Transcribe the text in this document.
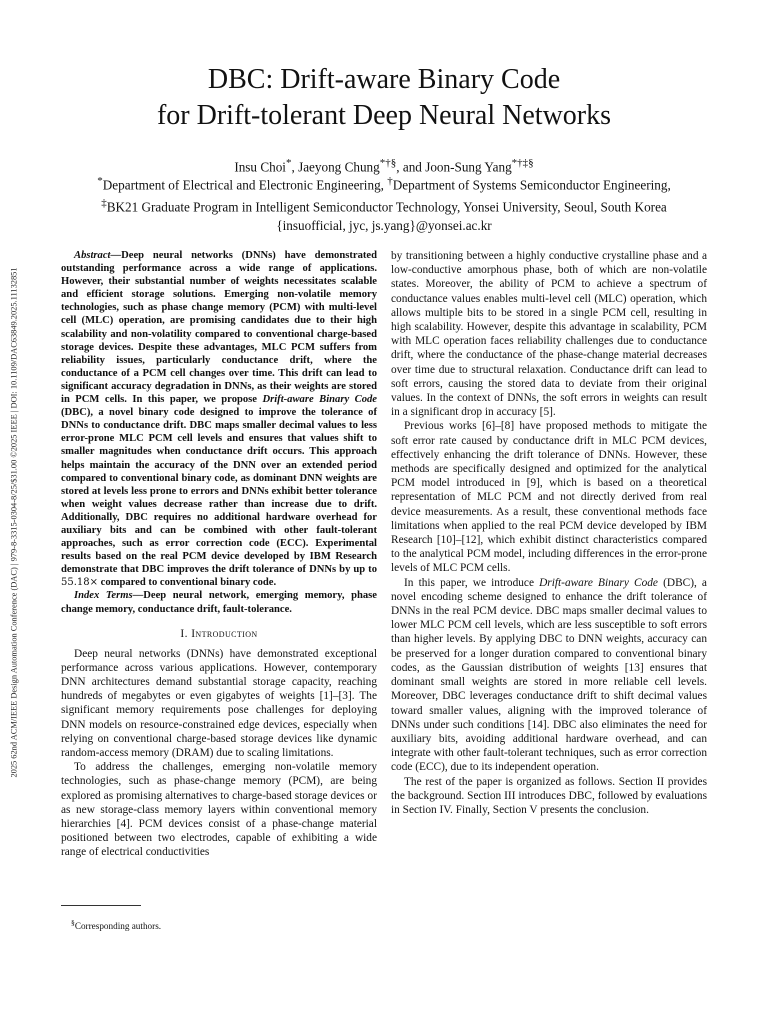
2025 62nd ACM/IEEE Design Automation Conference (DAC) | 979-8-3315-0304-8/25/$31.00 ©2025 IEEE | DOI: 10.1109/DAC63849.2025.11132851
DBC: Drift-aware Binary Code
for Drift-tolerant Deep Neural Networks
Insu Choi*, Jaeyong Chung*†§, and Joon-Sung Yang*†‡§
*Department of Electrical and Electronic Engineering, †Department of Systems Semiconductor Engineering,
‡BK21 Graduate Program in Intelligent Semiconductor Technology, Yonsei University, Seoul, South Korea
{insuofficial, jyc, js.yang}@yonsei.ac.kr

Abstract—Deep neural networks (DNNs) have demonstrated outstanding performance across a wide range of applications. However, their substantial number of weights necessitates scalable and efficient storage solutions. Emerging non-volatile memory technologies, such as phase change memory (PCM) with multi-level cell (MLC) operation, are promising candidates due to their high scalability and non-volatility compared to conventional charge-based storage devices. Despite these advantages, MLC PCM suffers from reliability issues, particularly conductance drift, where the conductance of a PCM cell changes over time. This drift can lead to significant accuracy degradation in DNNs, as their weights are stored in PCM cells. In this paper, we propose Drift-aware Binary Code (DBC), a novel binary code designed to improve the tolerance of DNNs to conductance drift. DBC maps smaller decimal values to less error-prone MLC PCM cell levels and ensures that values shift to smaller magnitudes when conductance drift occurs. This approach helps maintain the accuracy of the DNN over an extended period compared to conventional binary code, as dominant DNN weights are stored at levels less prone to errors and DNNs exhibit better tolerance when weight values decrease rather than increase due to drift. Additionally, DBC requires no additional hardware overhead for auxiliary bits and can be combined with other fault-tolerant approaches, such as error correction code (ECC). Experimental results based on the real PCM device developed by IBM Research demonstrate that DBC improves the drift tolerance of DNNs by up to 55.18× compared to conventional binary code.

Index Terms—Deep neural network, emerging memory, phase change memory, conductance drift, fault-tolerance.

I. Introduction

Deep neural networks (DNNs) have demonstrated exceptional performance across various applications. However, contemporary DNN architectures demand substantial storage capacity, reaching hundreds of megabytes or even gigabytes of weights [1]–[3]. The significant memory requirements pose challenges for deploying DNN models on resource-constrained edge devices, especially when relying on conventional charge-based storage devices like dynamic random-access memory (DRAM) due to scaling limitations.

To address the challenges, emerging non-volatile memory technologies, such as phase-change memory (PCM), are being explored as promising alternatives to charge-based storage devices or as new storage-class memory layers within conventional memory hierarchies [4]. PCM devices consist of a phase-change material positioned between two electrodes, capable of exhibiting a wide range of electrical conductivities

by transitioning between a highly conductive crystalline phase and a low-conductive amorphous phase, both of which are non-volatile states. Moreover, the ability of PCM to achieve a spectrum of conductance values enables multi-level cell (MLC) operation, which allows multiple bits to be stored in a single PCM cell, resulting in high scalability. However, despite this advantage in scalability, PCM with MLC operation faces reliability challenges due to conductance drift, where the conductance of the phase-change material decreases over time due to structural relaxation. Conductance drift can lead to soft errors, causing the stored data to deviate from their original values. In the context of DNNs, the soft errors in weights can result in a significant drop in accuracy [5].

Previous works [6]–[8] have proposed methods to mitigate the soft error rate caused by conductance drift in MLC PCM devices, effectively enhancing the drift tolerance of DNNs. However, these methods are specifically designed and optimized for the analytical PCM model introduced in [9], which is based on a theoretical representation of MLC PCM and not directly derived from real device measurements. As a result, these conventional methods face limitations when applied to the real PCM device developed by IBM Research [10]–[12], which exhibit distinct characteristics compared to the analytical PCM model, including differences in the error-prone levels of MLC PCM cells.

In this paper, we introduce Drift-aware Binary Code (DBC), a novel encoding scheme designed to enhance the drift tolerance of DNNs in the real PCM device. DBC maps smaller decimal values to lower MLC PCM cell levels, which are less susceptible to soft errors than higher levels. By applying DBC to DNN weights, accuracy can be preserved for a longer duration compared to conventional binary codes, as the Gaussian distribution of weights [13] ensures that dominant small weights are stored in more reliable cell levels. Moreover, DBC leverages conductance drift to shift decimal values toward smaller values, aligning with the improved tolerance of DNNs under such conditions [14]. DBC also eliminates the need for auxiliary bits, avoiding additional hardware overhead, and can integrate with other fault-tolerant techniques, such as error correction code (ECC), due to its independent operation.

The rest of the paper is organized as follows. Section II provides the background. Section III introduces DBC, followed by evaluations in Section IV. Finally, Section V presents the conclusion.

§Corresponding authors.
